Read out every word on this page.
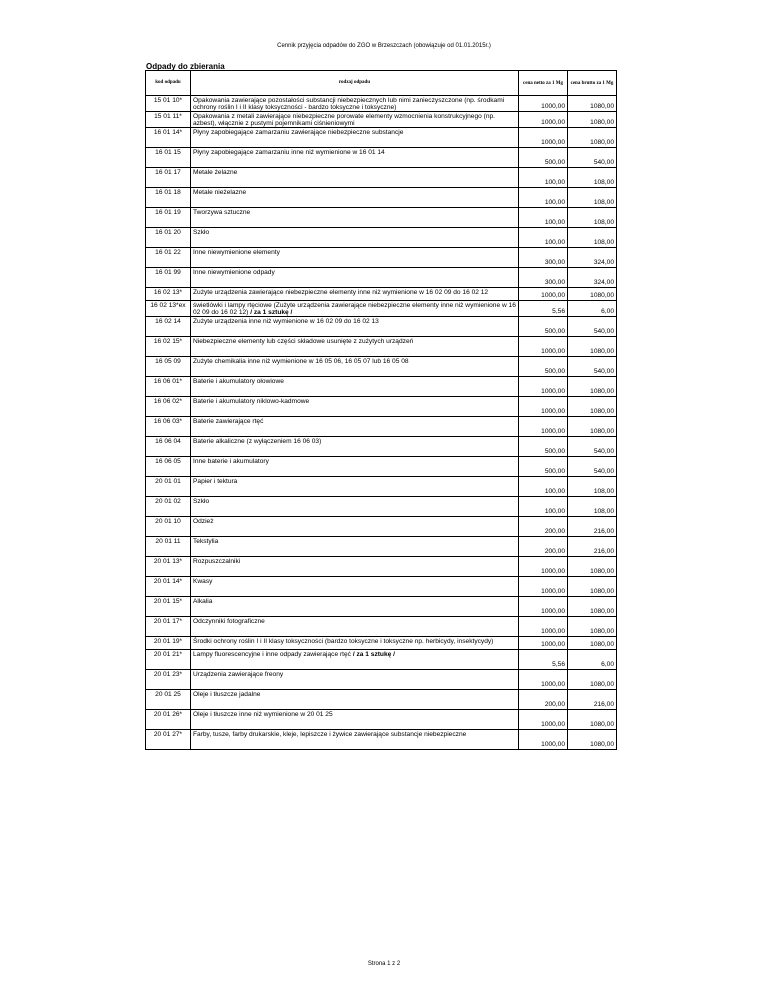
Cennik przyjęcia odpadów do ZGO w Brzeszczach (obowiązuje od 01.01.2015r.)
Odpady do zbierania
kod odpadu	rodzaj odpadu	cena netto za 1 Mg	cena brutto za 1 Mg
15 01 10*	Opakowania zawierające pozostałości substancji niebezpiecznych lub nimi zanieczyszczone (np. środkami ochrony roślin I i II klasy toksyczności - bardzo toksyczne i toksyczne)	1000,00	1080,00
15 01 11*	Opakowania z metali zawierające niebezpieczne porowate elementy wzmocnienia konstrukcyjnego (np. azbest), włącznie z pustymi pojemnikami ciśnieniowymi	1000,00	1080,00
16 01 14*	Płyny zapobiegające zamarzaniu zawierające niebezpieczne substancje	1000,00	1080,00
16 01 15	Płyny zapobiegające zamarzaniu inne niż wymienione w 16 01 14	500,00	540,00
16 01 17	Metale żelazne	100,00	108,00
16 01 18	Metale nieżelazne	100,00	108,00
16 01 19	Tworzywa sztuczne	100,00	108,00
16 01 20	Szkło	100,00	108,00
16 01 22	Inne niewymienione elementy	300,00	324,00
16 01 99	Inne niewymienione odpady	300,00	324,00
16 02 13*	Zużyte urządzenia zawierające niebezpieczne elementy inne niż wymienione w 16 02 09 do 16 02 12	1000,00	1080,00
16 02 13*ex	świetlówki i lampy rtęciowe (Zużyte urządzenia zawierające niebezpieczne elementy inne niż wymienione w 16 02 09 do 16 02 12) / za 1 sztukę /	5,56	6,00
16 02 14	Zużyte urządzenia inne niż wymienione w 16 02 09 do 16 02 13	500,00	540,00
16 02 15*	Niebezpieczne elementy lub części składowe usunięte z zużytych urządzeń	1000,00	1080,00
16 05 09	Zużyte chemikalia inne niż wymienione w 16 05 06, 16 05 07 lub 16 05 08	500,00	540,00
16 06 01*	Baterie i akumulatory ołowiowe	1000,00	1080,00
16 06 02*	Baterie i akumulatory niklowo-kadmowe	1000,00	1080,00
16 06 03*	Baterie zawierające rtęć	1000,00	1080,00
16 06 04	Baterie alkaliczne (z wyłączeniem 16 06 03)	500,00	540,00
16 06 05	Inne baterie i akumulatory	500,00	540,00
20 01 01	Papier i tektura	100,00	108,00
20 01 02	Szkło	100,00	108,00
20 01 10	Odzież	200,00	216,00
20 01 11	Tekstylia	200,00	216,00
20 01 13*	Rozpuszczalniki	1000,00	1080,00
20 01 14*	Kwasy	1000,00	1080,00
20 01 15*	Alkalia	1000,00	1080,00
20 01 17*	Odczynniki fotograficzne	1000,00	1080,00
20 01 19*	Środki ochrony roślin I i II klasy toksyczności (bardzo toksyczne i toksyczne np. herbicydy, insektycydy)	1000,00	1080,00
20 01 21*	Lampy fluorescencyjne i inne odpady zawierające rtęć / za 1 sztukę /	5,56	6,00
20 01 23*	Urządzenia zawierające freony	1000,00	1080,00
20 01 25	Oleje i tłuszcze jadalne	200,00	216,00
20 01 26*	Oleje i tłuszcze inne niż wymienione w 20 01 25	1000,00	1080,00
20 01 27*	Farby, tusze, farby drukarskie, kleje, lepiszcze i żywice zawierające substancje niebezpieczne	1000,00	1080,00
Strona 1 z 2
